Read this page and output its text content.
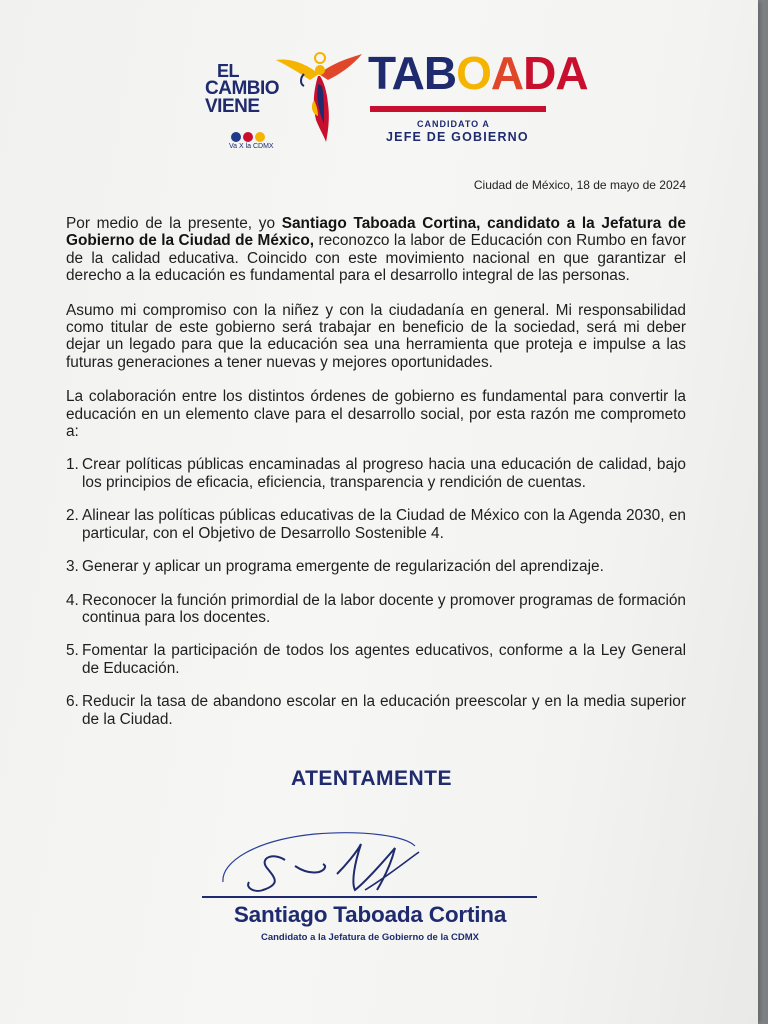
EL
CAMBIO
VIENE
Va X la CDMX
TABOADA
CANDIDATO A
JEFE DE GOBIERNO
Ciudad de México, 18 de mayo de 2024

Por medio de la presente, yo Santiago Taboada Cortina, candidato a la Jefatura de Gobierno de la Ciudad de México, reconozco la labor de Educación con Rumbo en favor de la calidad educativa. Coincido con este movimiento nacional en que garantizar el derecho a la educación es fundamental para el desarrollo integral de las personas.

Asumo mi compromiso con la niñez y con la ciudadanía en general. Mi responsabilidad como titular de este gobierno será trabajar en beneficio de la sociedad, será mi deber dejar un legado para que la educación sea una herramienta que proteja e impulse a las futuras generaciones a tener nuevas y mejores oportunidades.

La colaboración entre los distintos órdenes de gobierno es fundamental para convertir la educación en un elemento clave para el desarrollo social, por esta razón me comprometo a:

1. Crear políticas públicas encaminadas al progreso hacia una educación de calidad, bajo los principios de eficacia, eficiencia, transparencia y rendición de cuentas.
2. Alinear las políticas públicas educativas de la Ciudad de México con la Agenda 2030, en particular, con el Objetivo de Desarrollo Sostenible 4.
3. Generar y aplicar un programa emergente de regularización del aprendizaje.
4. Reconocer la función primordial de la labor docente y promover programas de formación continua para los docentes.
5. Fomentar la participación de todos los agentes educativos, conforme a la Ley General de Educación.
6. Reducir la tasa de abandono escolar en la educación preescolar y en la media superior de la Ciudad.
ATENTAMENTE
Santiago Taboada Cortina
Candidato a la Jefatura de Gobierno de la CDMX
